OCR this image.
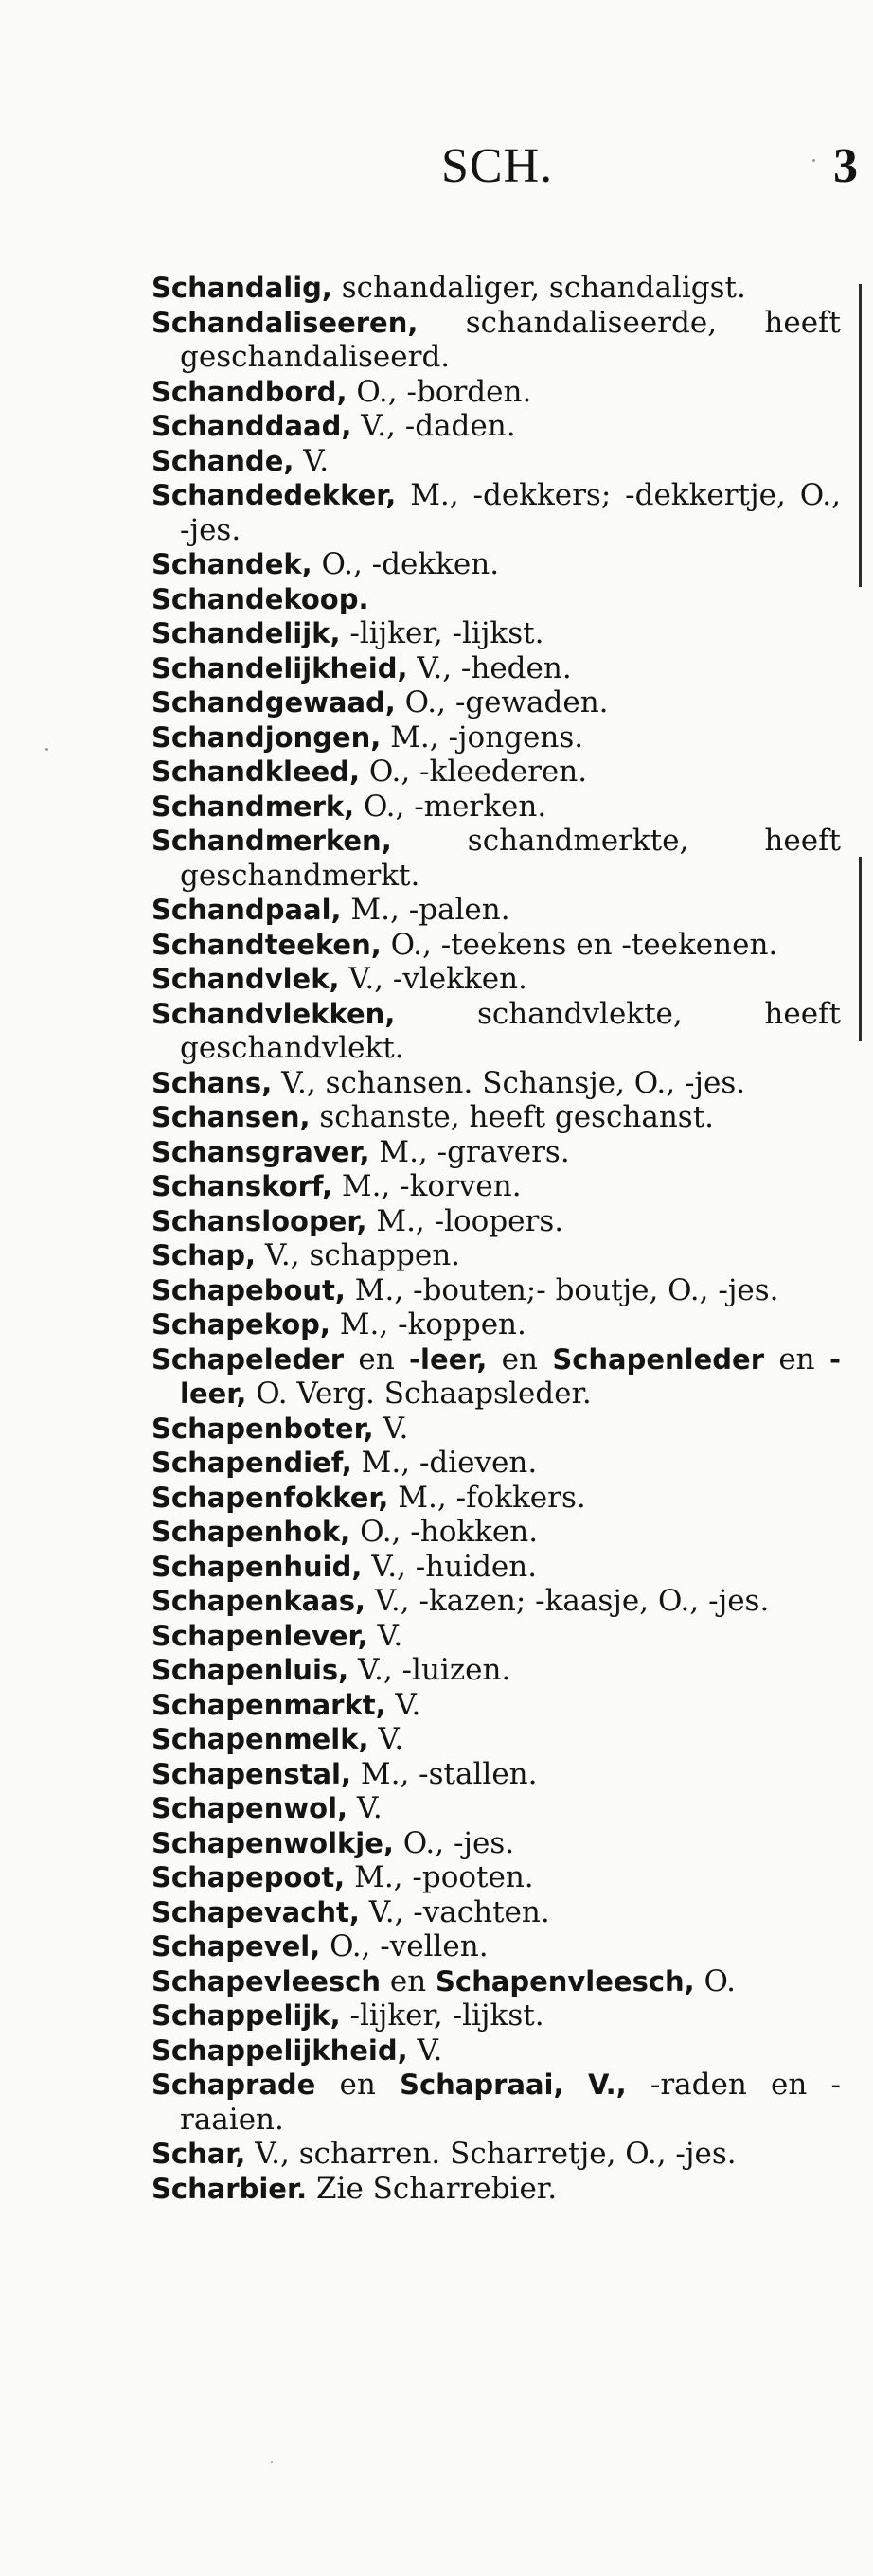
SCH.	3
Schandalig, schandaliger, schandaligst.
Schandaliseeren, schandaliseerde, heeft geschandaliseerd.
Schandbord, O., -borden.
Schanddaad, V., -daden.
Schande, V.
Schandedekker, M., -dekkers; -dekkertje, O., -jes.
Schandek, O., -dekken.
Schandekoop.
Schandelijk, -lijker, -lijkst.
Schandelijkheid, V., -heden.
Schandgewaad, O., -gewaden.
Schandjongen, M., -jongens.
Schandkleed, O., -kleederen.
Schandmerk, O., -merken.
Schandmerken, schandmerkte, heeft geschandmerkt.
Schandpaal, M., -palen.
Schandteeken, O., -teekens en -teekenen.
Schandvlek, V., -vlekken.
Schandvlekken, schandvlekte, heeft geschandvlekt.
Schans, V., schansen. Schansje, O., -jes.
Schansen, schanste, heeft geschanst.
Schansgraver, M., -gravers.
Schanskorf, M., -korven.
Schanslooper, M., -loopers.
Schap, V., schappen.
Schapebout, M., -bouten;- boutje, O., -jes.
Schapekop, M., -koppen.
Schapeleder en -leer, en Schapenleder en -leer, O. Verg. Schaapsleder.
Schapenboter, V.
Schapendief, M., -dieven.
Schapenfokker, M., -fokkers.
Schapenhok, O., -hokken.
Schapenhuid, V., -huiden.
Schapenkaas, V., -kazen; -kaasje, O., -jes.
Schapenlever, V.
Schapenluis, V., -luizen.
Schapenmarkt, V.
Schapenmelk, V.
Schapenstal, M., -stallen.
Schapenwol, V.
Schapenwolkje, O., -jes.
Schapepoot, M., -pooten.
Schapevacht, V., -vachten.
Schapevel, O., -vellen.
Schapevleesch en Schapenvleesch, O.
Schappelijk, -lijker, -lijkst.
Schappelijkheid, V.
Schaprade en Schapraai, V., -raden en -raaien.
Schar, V., scharren. Scharretje, O., -jes.
Scharbier. Zie Scharrebier.
